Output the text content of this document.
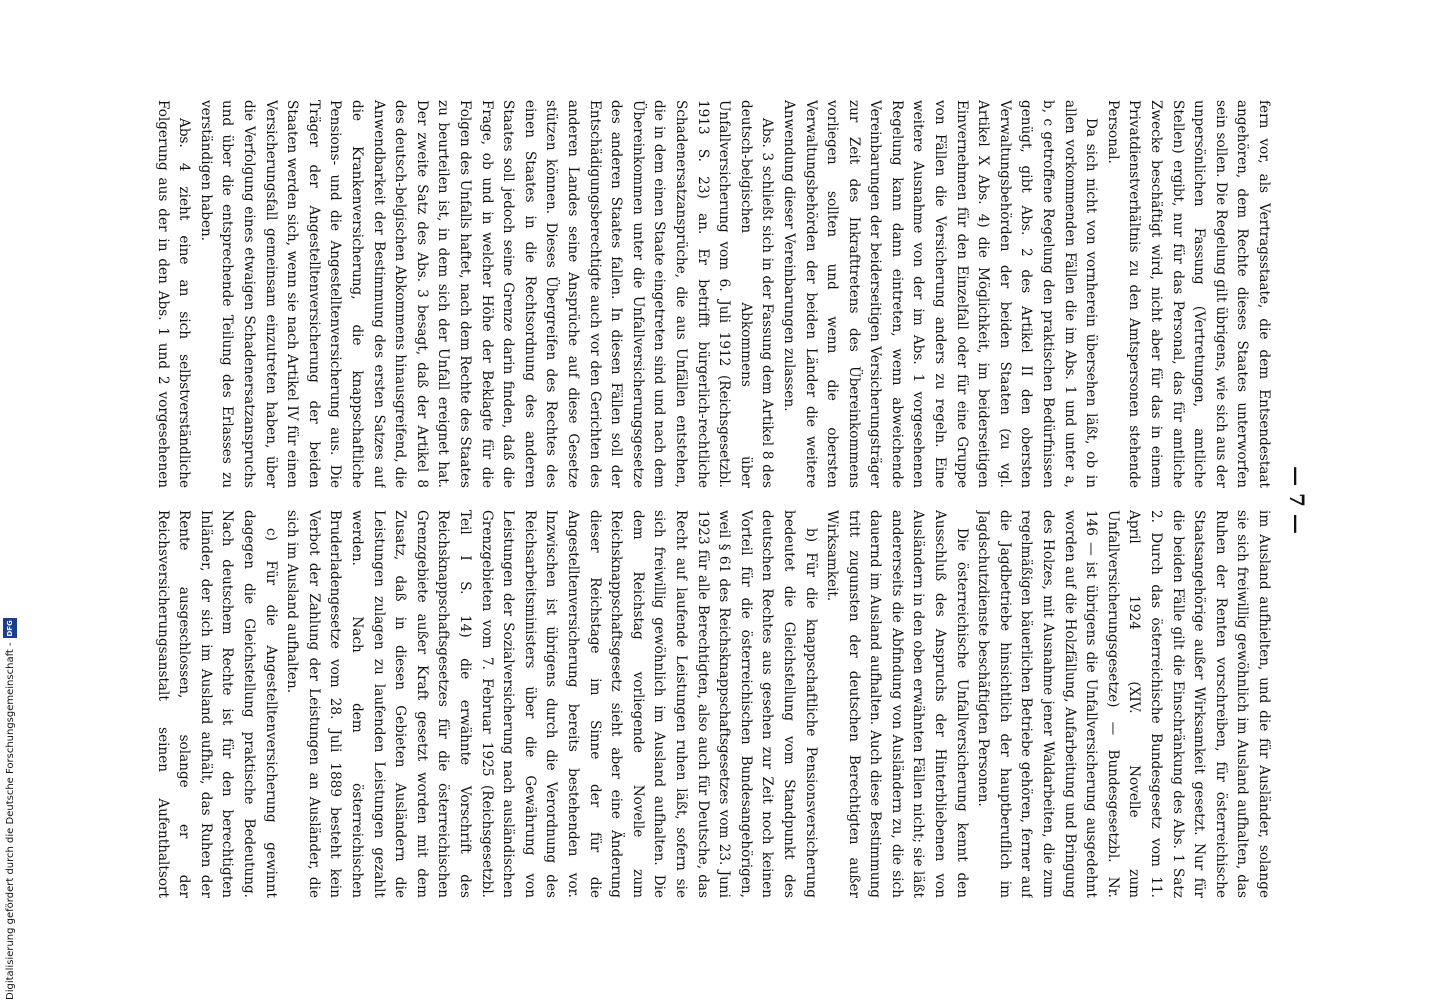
— 7 —

fern vor, als Vertragsstaate, die dem Entsendestaat angehören, dem Rechte dieses Staates unterworfen sein sollen. Die Regelung gilt übrigens, wie sich aus der unpersönlichen Fassung (Vertretungen, amtliche Stellen) ergibt, nur für das Personal, das für amtliche Zwecke beschäftigt wird, nicht aber für das in einem Privatdienstverhältnis zu den Amtspersonen stehende Personal.

Da sich nicht von vornherein übersehen läßt, ob in allen vorkommenden Fällen die im Abs. 1 und unter a, b, c getroffene Regelung den praktischen Bedürfnissen genügt, gibt Abs. 2 des Artikel II den obersten Verwaltungsbehörden der beiden Staaten (zu vgl. Artikel X Abs. 4) die Möglichkeit, im beiderseitigen Einvernehmen für den Einzelfall oder für eine Gruppe von Fällen die Versicherung anders zu regeln. Eine weitere Ausnahme von der im Abs. 1 vorgesehenen Regelung kann dann eintreten, wenn abweichende Vereinbarungen der beiderseitigen Versicherungsträger zur Zeit des Inkrafttretens des Übereinkommens vorliegen sollten und wenn die obersten Verwaltungsbehörden der beiden Länder die weitere Anwendung dieser Vereinbarungen zulassen.

Abs. 3 schließt sich in der Fassung dem Artikel 8 des deutsch-belgischen Abkommens über Unfallversicherung vom 6. Juli 1912 (Reichsgesetzbl. 1913 S. 23) an. Er betrifft bürgerlich-rechtliche Schadenersatzansprüche, die aus Unfällen entstehen, die in dem einen Staate eingetreten sind und nach dem Übereinkommen unter die Unfallversicherungsgesetze des anderen Staates fallen. In diesen Fällen soll der Entschädigungsberechtigte auch vor den Gerichten des anderen Landes seine Ansprüche auf diese Gesetze stützen können. Dieses Übergreifen des Rechtes des einen Staates in die Rechtsordnung des anderen Staates soll jedoch seine Grenze darin finden, daß die Frage, ob und in welcher Höhe der Beklagte für die Folgen des Unfalls haftet, nach dem Rechte des Staates zu beurteilen ist, in dem sich der Unfall ereignet hat. Der zweite Satz des Abs. 3 besagt, daß der Artikel 8 des deutsch-belgischen Abkommens hinausgreifend, die Anwendbarkeit der Bestimmung des ersten Satzes auf die Krankenversicherung, die knappschaftliche Pensions- und die Angestelltenversicherung aus. Die Träger der Angestelltenversicherung der beiden Staaten werden sich, wenn sie nach Artikel IV für einen Versicherungsfall gemeinsam einzutreten haben, über die Verfolgung eines etwaigen Schadenersatzanspruchs und über die entsprechende Teilung des Erlasses zu verständigen haben.

Abs. 4 zieht eine an sich selbstverständliche Folgerung aus der in den Abs. 1 und 2 vorgesehenen

im Ausland aufhielten, und die für Ausländer, solange sie sich freiwillig gewöhnlich im Ausland aufhalten, das Ruhen der Renten vorschreiben, für österreichische Staatsangehörige außer Wirksamkeit gesetzt. Nur für die beiden Fälle gilt die Einschränkung des Abs. 1 Satz 2. Durch das österreichische Bundesgesetz vom 11. April 1924 (XIV. Novelle zum Unfallversicherungsgesetze) — Bundesgesetzbl. Nr. 146 — ist übrigens die Unfallversicherung ausgedehnt worden auf die Holzfällung, Aufarbeitung und Bringung des Holzes, mit Ausnahme jener Waldarbeiten, die zum regelmäßigen bäuerlichen Betriebe gehören, ferner auf die Jagdbetriebe hinsichtlich der hauptberuflich im Jagdschutzdienste beschäftigten Personen.

Die österreichische Unfallversicherung kennt den Ausschluß des Anspruchs der Hinterbliebenen von Ausländern in den oben erwähnten Fällen nicht; sie läßt andererseits die Abfindung von Ausländern zu, die sich dauernd im Ausland aufhalten. Auch diese Bestimmung tritt zugunsten der deutschen Berechtigten außer Wirksamkeit.

b) Für die knappschaftliche Pensionsversicherung bedeutet die Gleichstellung vom Standpunkt des deutschen Rechtes aus gesehen zur Zeit noch keinen Vorteil für die österreichischen Bundesangehörigen, weil § 61 des Reichsknappschaftsgesetzes vom 23. Juni 1923 für alle Berechtigten, also auch für Deutsche, das Recht auf laufende Leistungen ruhen läßt, sofern sie sich freiwillig gewöhnlich im Ausland aufhalten. Die dem Reichstag vorliegende Novelle zum Reichsknappschaftsgesetz sieht aber eine Änderung dieser Reichstage im Sinne der für die Angestelltenversicherung bereits bestehenden vor. Inzwischen ist übrigens durch die Verordnung des Reichsarbeitsministers über die Gewährung von Leistungen der Sozialversicherung nach ausländischen Grenzgebieten vom 7. Februar 1925 (Reichsgesetzbl. Teil I S. 14) die erwähnte Vorschrift des Reichsknappschaftsgesetzes für die österreichischen Grenzgebiete außer Kraft gesetzt worden mit dem Zusatz, daß in diesen Gebieten Ausländern die Leistungen zulagen zu laufenden Leistungen gezahlt werden. Nach dem österreichischen Bruderladengesetze vom 28. Juli 1889 besteht kein Verbot der Zahlung der Leistungen an Ausländer, die sich im Ausland aufhalten.

c) Für die Angestelltenversicherung gewinnt dagegen die Gleichstellung praktische Bedeutung. Nach deutschem Rechte ist für den berechtigten Inländer, der sich im Ausland aufhält, das Ruhen der Rente ausgeschlossen, solange er der Reichsversicherungsanstalt seinen Aufenthaltsort

Digitalisierung gefördert durch die Deutsche Forschungsgemeinschaft -DFG
